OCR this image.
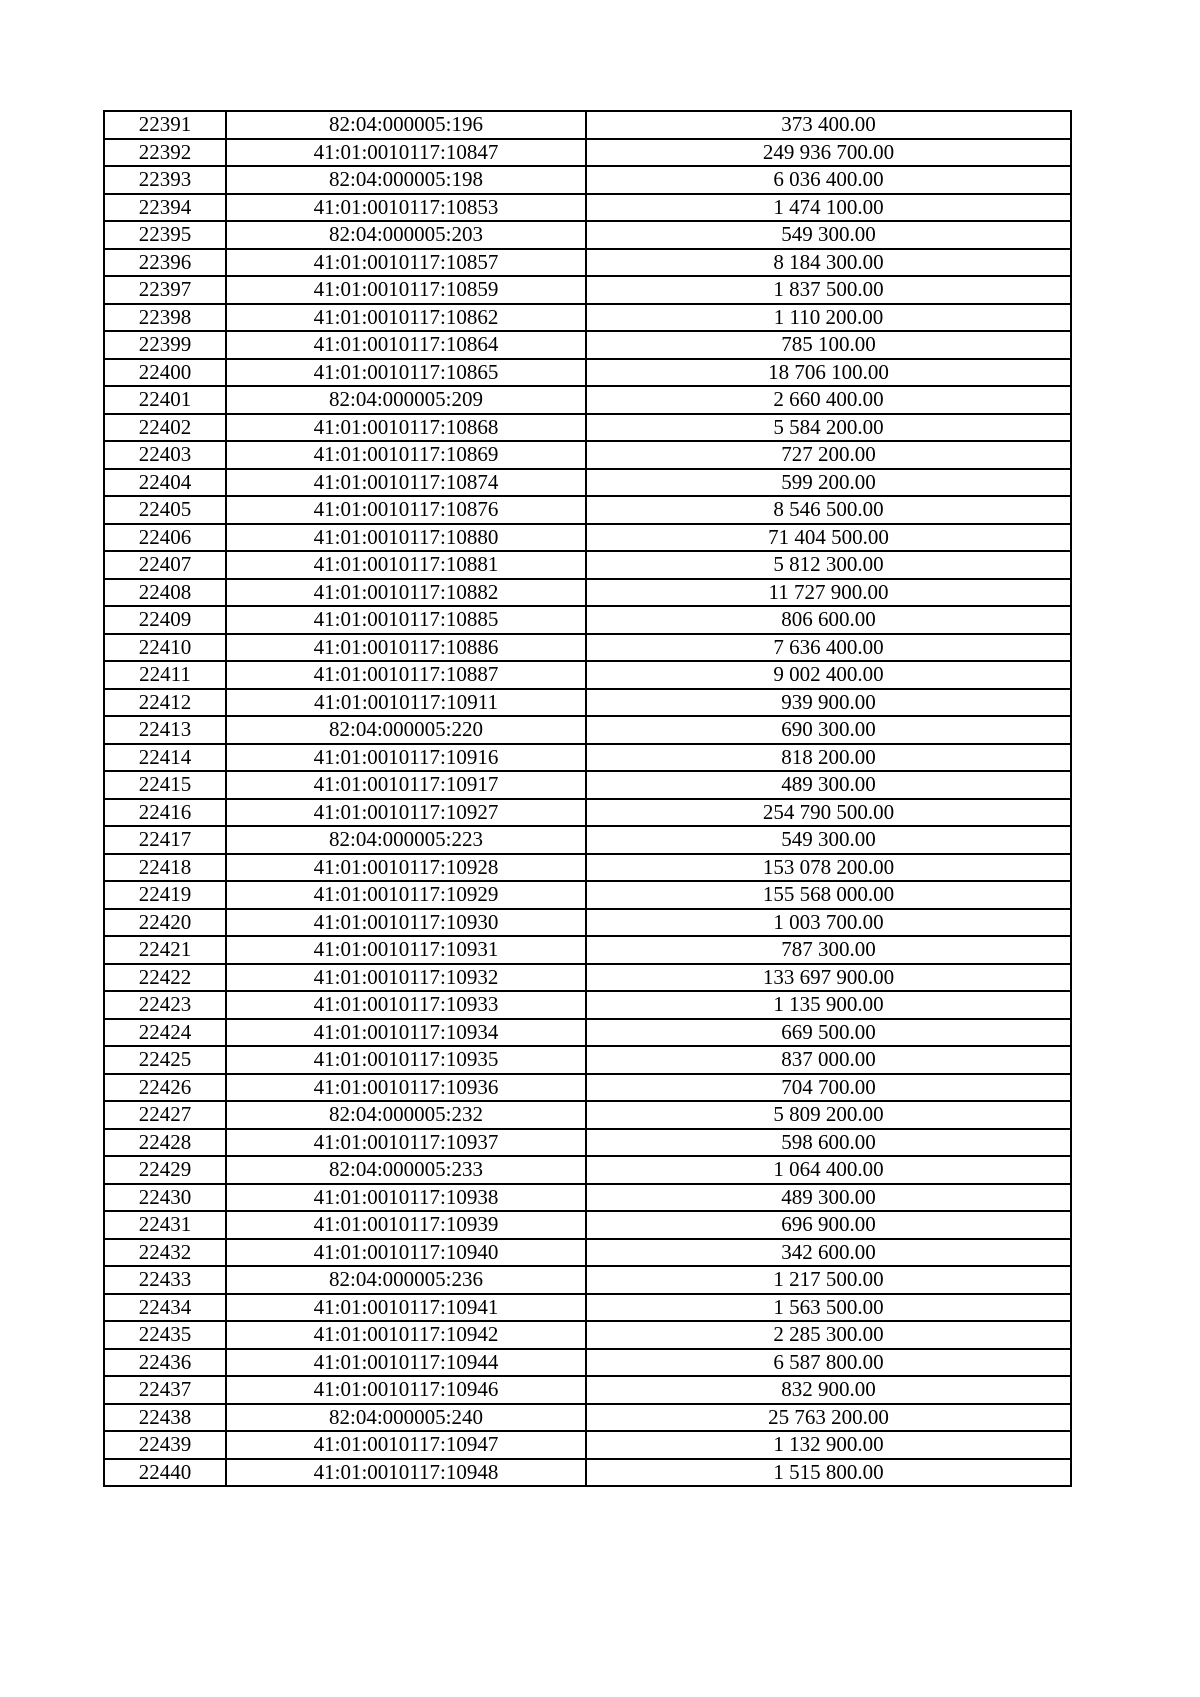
22391	82:04:000005:196	373 400.00
22392	41:01:0010117:10847	249 936 700.00
22393	82:04:000005:198	6 036 400.00
22394	41:01:0010117:10853	1 474 100.00
22395	82:04:000005:203	549 300.00
22396	41:01:0010117:10857	8 184 300.00
22397	41:01:0010117:10859	1 837 500.00
22398	41:01:0010117:10862	1 110 200.00
22399	41:01:0010117:10864	785 100.00
22400	41:01:0010117:10865	18 706 100.00
22401	82:04:000005:209	2 660 400.00
22402	41:01:0010117:10868	5 584 200.00
22403	41:01:0010117:10869	727 200.00
22404	41:01:0010117:10874	599 200.00
22405	41:01:0010117:10876	8 546 500.00
22406	41:01:0010117:10880	71 404 500.00
22407	41:01:0010117:10881	5 812 300.00
22408	41:01:0010117:10882	11 727 900.00
22409	41:01:0010117:10885	806 600.00
22410	41:01:0010117:10886	7 636 400.00
22411	41:01:0010117:10887	9 002 400.00
22412	41:01:0010117:10911	939 900.00
22413	82:04:000005:220	690 300.00
22414	41:01:0010117:10916	818 200.00
22415	41:01:0010117:10917	489 300.00
22416	41:01:0010117:10927	254 790 500.00
22417	82:04:000005:223	549 300.00
22418	41:01:0010117:10928	153 078 200.00
22419	41:01:0010117:10929	155 568 000.00
22420	41:01:0010117:10930	1 003 700.00
22421	41:01:0010117:10931	787 300.00
22422	41:01:0010117:10932	133 697 900.00
22423	41:01:0010117:10933	1 135 900.00
22424	41:01:0010117:10934	669 500.00
22425	41:01:0010117:10935	837 000.00
22426	41:01:0010117:10936	704 700.00
22427	82:04:000005:232	5 809 200.00
22428	41:01:0010117:10937	598 600.00
22429	82:04:000005:233	1 064 400.00
22430	41:01:0010117:10938	489 300.00
22431	41:01:0010117:10939	696 900.00
22432	41:01:0010117:10940	342 600.00
22433	82:04:000005:236	1 217 500.00
22434	41:01:0010117:10941	1 563 500.00
22435	41:01:0010117:10942	2 285 300.00
22436	41:01:0010117:10944	6 587 800.00
22437	41:01:0010117:10946	832 900.00
22438	82:04:000005:240	25 763 200.00
22439	41:01:0010117:10947	1 132 900.00
22440	41:01:0010117:10948	1 515 800.00
